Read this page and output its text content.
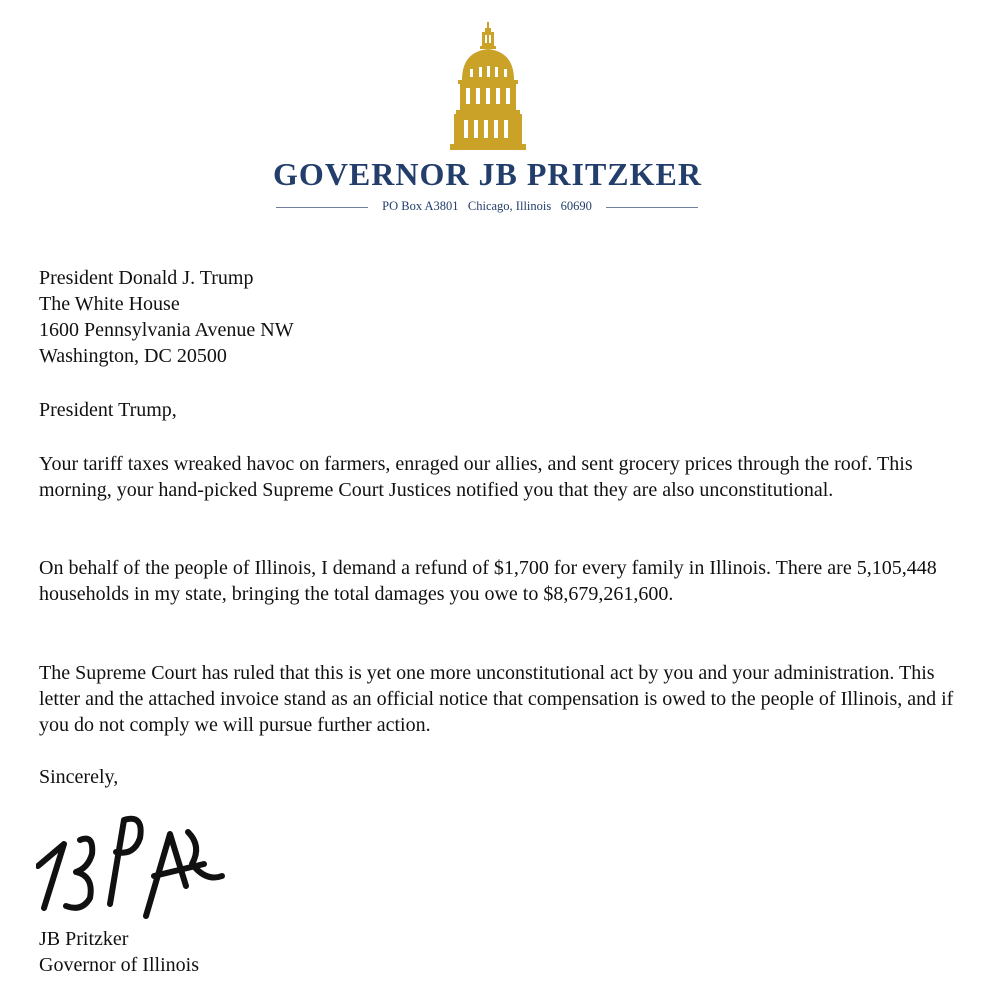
GOVERNOR JB PRITZKER
PO Box A3801   Chicago, Illinois   60690
President Donald J. Trump
The White House
1600 Pennsylvania Avenue NW
Washington, DC 20500

President Trump,

Your tariff taxes wreaked havoc on farmers, enraged our allies, and sent grocery prices through the roof. This morning, your hand-picked Supreme Court Justices notified you that they are also unconstitutional.

On behalf of the people of Illinois, I demand a refund of $1,700 for every family in Illinois. There are 5,105,448 households in my state, bringing the total damages you owe to $8,679,261,600.

The Supreme Court has ruled that this is yet one more unconstitutional act by you and your administration. This letter and the attached invoice stand as an official notice that compensation is owed to the people of Illinois, and if you do not comply we will pursue further action.

Sincerely,

JB Pritzker
Governor of Illinois
